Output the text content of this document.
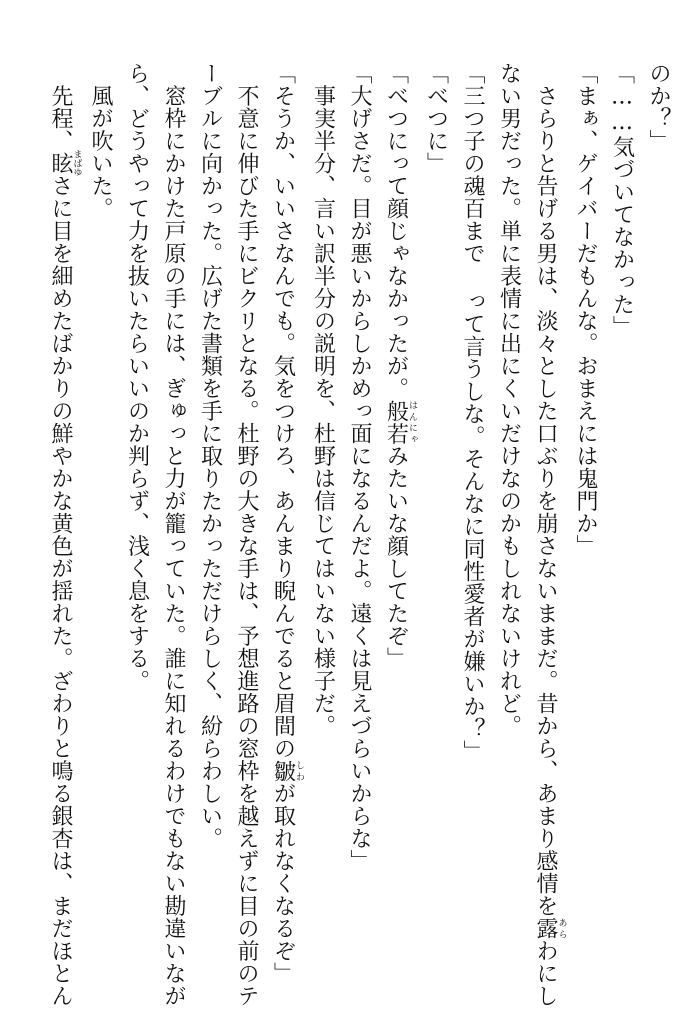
のか？」
「……気づいてなかった」
「まぁ、ゲイバーだもんな。おまえには鬼門か」
　さらりと告げる男は、淡々とした口ぶりを崩さないままだ。昔から、あまり感情を露あらわにし
ない男だった。単に表情に出にくいだけなのかもしれないけれど。
「三つ子の魂百まで って言うしな。そんなに同性愛者が嫌いか？」
「べつに」
「べつにって顔じゃなかったが。般若はんにゃみたいな顔してたぞ」
「大げさだ。目が悪いからしかめっ面になるんだよ。遠くは見えづらいからな」
　事実半分、言い訳半分の説明を、杜野は信じてはいない様子だ。
「そうか、いいさなんでも。気をつけろ、あんまり睨んでると眉間の皺しわが取れなくなるぞ」
　不意に伸びた手にビクリとなる。杜野の大きな手は、予想進路の窓枠を越えずに目の前のテ
ーブルに向かった。広げた書類を手に取りたかっただけらしく、紛らわしい。
　窓枠にかけた戸原の手には、ぎゅっと力が籠っていた。誰に知れるわけでもない勘違いなが
ら、どうやって力を抜いたらいいのか判らず、浅く息をする。
　風が吹いた。
　先程、眩まばゆさに目を細めたばかりの鮮やかな黄色が揺れた。ざわりと鳴る銀杏は、まだほとん
